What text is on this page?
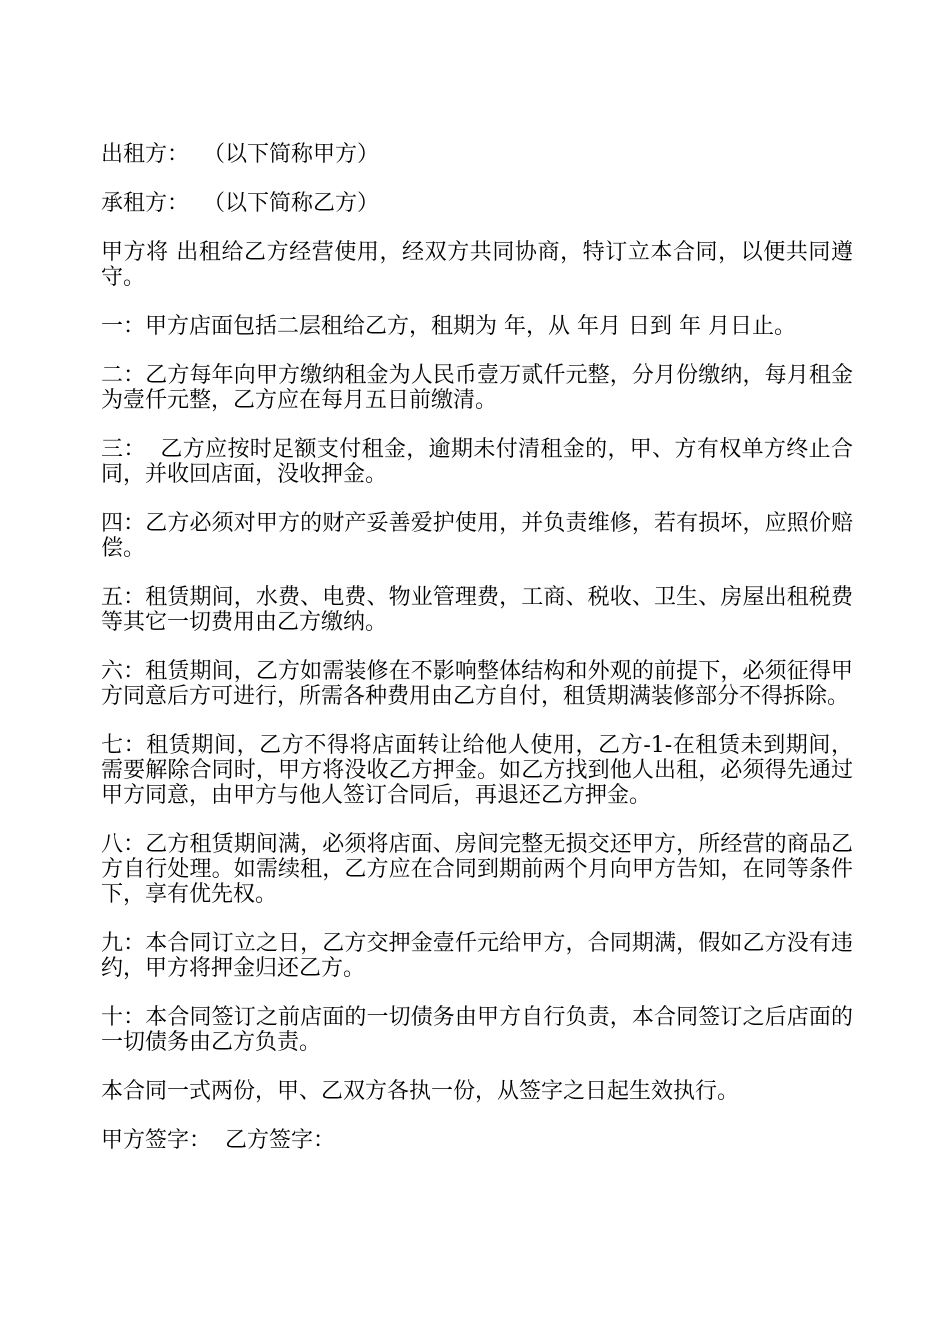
出租方：  （以下简称甲方）

承租方：  （以下简称乙方）

甲方将 出租给乙方经营使用，经双方共同协商，特订立本合同，以便共同遵守。

一：甲方店面包括二层租给乙方，租期为 年，从 年月 日到 年 月日止。

二：乙方每年向甲方缴纳租金为人民币壹万贰仟元整，分月份缴纳，每月租金为壹仟元整，乙方应在每月五日前缴清。

三：  乙方应按时足额支付租金，逾期未付清租金的，甲、方有权单方终止合同，并收回店面，没收押金。

四：乙方必须对甲方的财产妥善爱护使用，并负责维修，若有损坏，应照价赔偿。

五：租赁期间，水费、电费、物业管理费，工商、税收、卫生、房屋出租税费等其它一切费用由乙方缴纳。

六：租赁期间，乙方如需装修在不影响整体结构和外观的前提下，必须征得甲方同意后方可进行，所需各种费用由乙方自付，租赁期满装修部分不得拆除。

七：租赁期间，乙方不得将店面转让给他人使用，乙方-1-在租赁未到期间，需要解除合同时，甲方将没收乙方押金。如乙方找到他人出租，必须得先通过甲方同意，由甲方与他人签订合同后，再退还乙方押金。

八：乙方租赁期间满，必须将店面、房间完整无损交还甲方，所经营的商品乙方自行处理。如需续租，乙方应在合同到期前两个月向甲方告知，在同等条件下，享有优先权。

九：本合同订立之日，乙方交押金壹仟元给甲方，合同期满，假如乙方没有违约，甲方将押金归还乙方。

十：本合同签订之前店面的一切债务由甲方自行负责，本合同签订之后店面的一切债务由乙方负责。

本合同一式两份，甲、乙双方各执一份，从签字之日起生效执行。

甲方签字：  乙方签字：
